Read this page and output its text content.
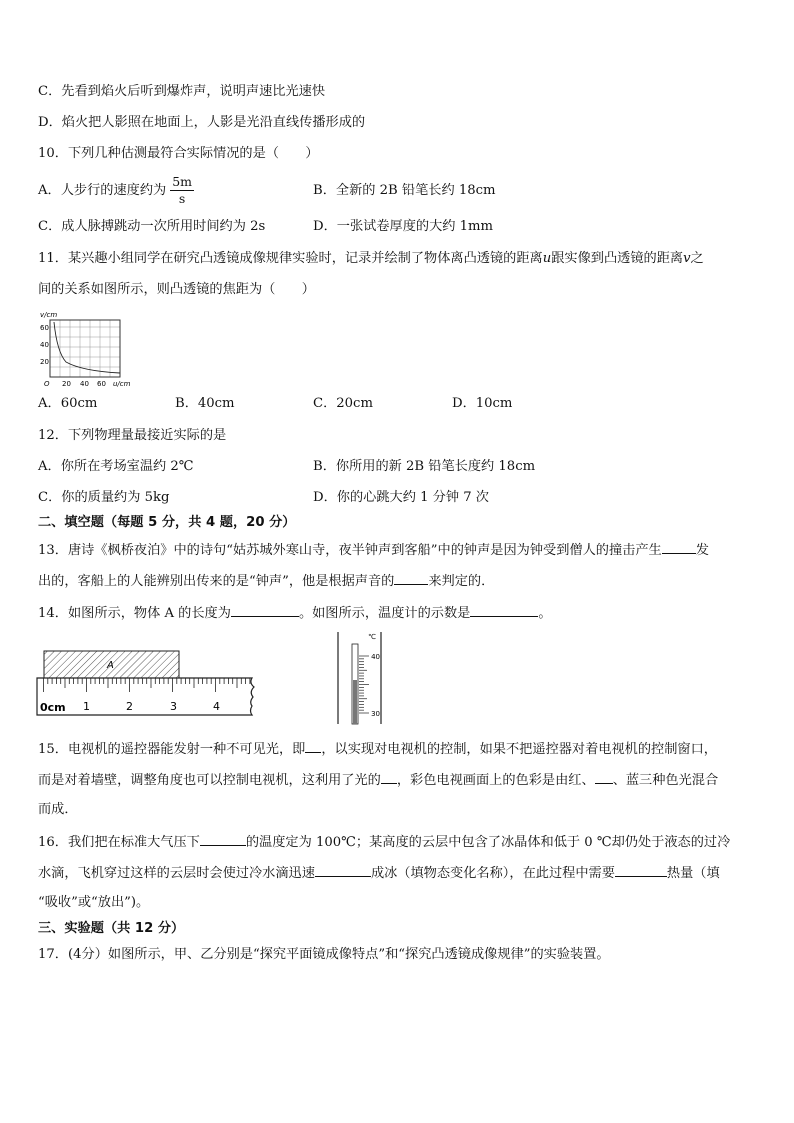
C．先看到焰火后听到爆炸声，说明声速比光速快
D．焰火把人影照在地面上，人影是光沿直线传播形成的
10．下列几种估测最符合实际情况的是（　　）
A．人步行的速度约为 $\frac{5m}{s}$	B．全新的 2B 铅笔长约 18cm
C．成人脉搏跳动一次所用时间约为 2s	D．一张试卷厚度的大约 1mm
11．某兴趣小组同学在研究凸透镜成像规律实验时，记录并绘制了物体离凸透镜的距离u跟实像到凸透镜的距离v之
间的关系如图所示，则凸透镜的焦距为（　　）
v/cm
60
40
20
O 20 40 60 u/cm
A．60cm	B．40cm	C．20cm	D．10cm
12．下列物理量最接近实际的是
A．你所在考场室温约 2℃	B．你所用的新 2B 铅笔长度约 18cm
C．你的质量约为 5kg	D．你的心跳大约 1 分钟 7 次
二、填空题（每题 5 分，共 4 题，20 分）
13．唐诗《枫桥夜泊》中的诗句“姑苏城外寒山寺，夜半钟声到客船”中的钟声是因为钟受到僧人的撞击产生	发
出的，客船上的人能辨别出传来的是“钟声”，他是根据声音的	来判定的．
14．如图所示，物体 A 的长度为	。如图所示，温度计的示数是	。
A
0cm 1	2	3	4
℃
40
30
15．电视机的遥控器能发射一种不可见光，即 ，以实现对电视机的控制，如果不把遥控器对着电视机的控制窗口，
而是对着墙壁，调整角度也可以控制电视机，这利用了光的 ，彩色电视画面上的色彩是由红、 、蓝三种色光混合
而成．
16．我们把在标准大气压下	的温度定为 100℃；某高度的云层中包含了冰晶体和低于 0 ℃却仍处于液态的过冷
水滴，飞机穿过这样的云层时会使过冷水滴迅速	成冰（填物态变化名称），在此过程中需要	热量（填
“吸收”或“放出”)。
三、实验题（共 12 分）
17．(4分）如图所示，甲、乙分别是“探究平面镜成像特点”和“探究凸透镜成像规律”的实验装置。
